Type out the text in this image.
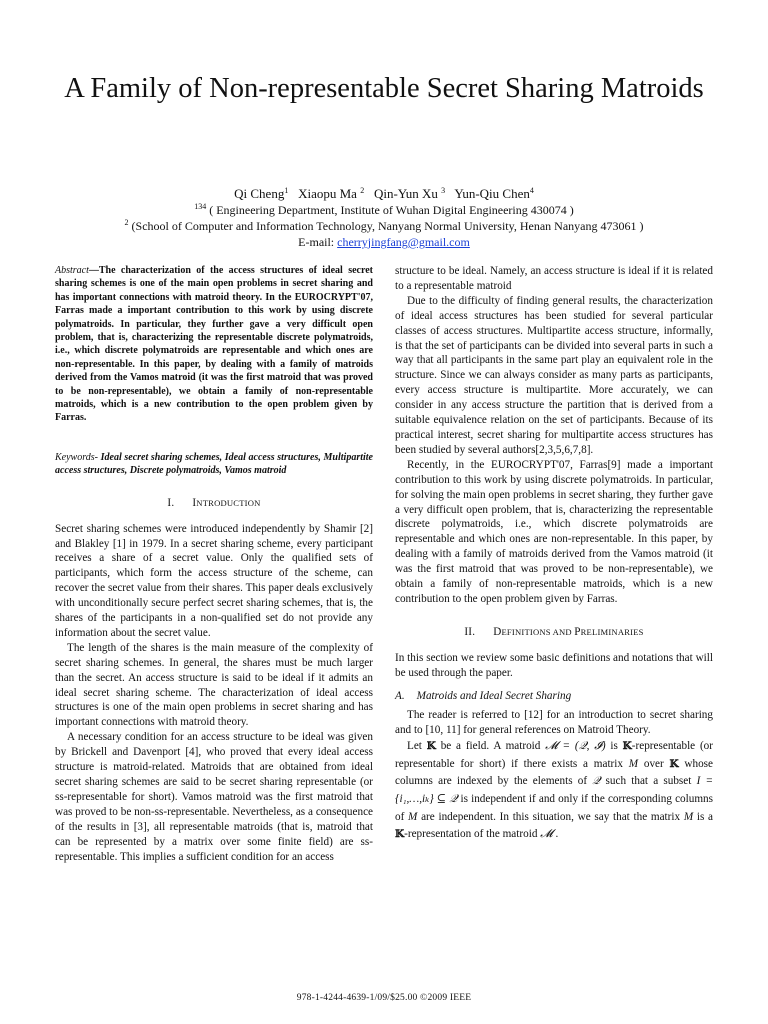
A Family of Non-representable Secret Sharing Matroids
Qi Cheng$^1$ Xiaopu Ma $^2$ Qin-Yun Xu $^3$ Yun-Qiu Chen$^4$
$^{134}$ ( Engineering Department, Institute of Wuhan Digital Engineering 430074 )
$^2$ (School of Computer and Information Technology, Nanyang Normal University, Henan Nanyang 473061 )
E-mail: cherryjingfang@gmail.com

Abstract—The characterization of the access structures of ideal secret sharing schemes is one of the main open problems in secret sharing and has important connections with matroid theory. In the EUROCRYPT'07, Farras made a important contribution to this work by using discrete polymatroids. In particular, they further gave a very difficult open problem, that is, characterizing the representable discrete polymatroids, i.e., which discrete polymatroids are representable and which ones are non-representable. In this paper, by dealing with a family of matroids derived from the Vamos matroid (it was the first matroid that was proved to be non-representable), we obtain a family of non-representable matroids, which is a new contribution to the open problem given by Farras.

Keywords- Ideal secret sharing schemes, Ideal access structures, Multipartite access structures, Discrete polymatroids, Vamos matroid

I. INTRODUCTION

Secret sharing schemes were introduced independently by Shamir [2] and Blakley [1] in 1979. In a secret sharing scheme, every participant receives a share of a secret value. Only the qualified sets of participants, which form the access structure of the scheme, can recover the secret value from their shares. This paper deals exclusively with unconditionally secure perfect secret sharing schemes, that is, the shares of the participants in a non-qualified set do not provide any information about the secret value.

The length of the shares is the main measure of the complexity of secret sharing schemes. In general, the shares must be much larger than the secret. An access structure is said to be ideal if it admits an ideal secret sharing scheme. The characterization of ideal access structures is one of the main open problems in secret sharing and has important connections with matroid theory.

A necessary condition for an access structure to be ideal was given by Brickell and Davenport [4], who proved that every ideal access structure is matroid-related. Matroids that are obtained from ideal secret sharing schemes are said to be secret sharing representable (or ss-representable for short). Vamos matroid was the first matroid that was proved to be non-ss-representable. Nevertheless, as a consequence of the results in [3], all representable matroids (that is, matroid that can be represented by a matrix over some finite field) are ss-representable. This implies a sufficient condition for an access

structure to be ideal. Namely, an access structure is ideal if it is related to a representable matroid

Due to the difficulty of finding general results, the characterization of ideal access structures has been studied for several particular classes of access structures. Multipartite access structure, informally, is that the set of participants can be divided into several parts in such a way that all participants in the same part play an equivalent role in the structure. Since we can always consider as many parts as participants, every access structure is multipartite. More accurately, we can consider in any access structure the partition that is derived from a suitable equivalence relation on the set of participants. Because of its practical interest, secret sharing for multipartite access structures has been studied by several authors[2,3,5,6,7,8].

Recently, in the EUROCRYPT'07, Farras[9] made a important contribution to this work by using discrete polymatroids. In particular, for solving the main open problems in secret sharing, they further gave a very difficult open problem, that is, characterizing the representable discrete polymatroids, i.e., which discrete polymatroids are representable and which ones are non-representable. In this paper, by dealing with a family of matroids derived from the Vamos matroid (it was the first matroid that was proved to be non-representable), we obtain a family of non-representable matroids, which is a new contribution to the open problem given by Farras.

II. DEFINITIONS AND PRELIMINARIES

In this section we review some basic definitions and notations that will be used through the paper.

A. Matroids and Ideal Secret Sharing

The reader is referred to [12] for an introduction to secret sharing and to [10, 11] for general references on Matroid Theory.

Let 𝕂 be a field. A matroid 𝓜 = (𝒬, 𝓘) is 𝕂-representable (or representable for short) if there exists a matrix M over 𝕂 whose columns are indexed by the elements of 𝒬 such that a subset I = {i₁,…,iₖ} ⊆ 𝒬 is independent if and only if the corresponding columns of M are independent. In this situation, we say that the matrix M is a 𝕂-representation of the matroid 𝓜 .

978-1-4244-4639-1/09/$25.00 ©2009 IEEE
